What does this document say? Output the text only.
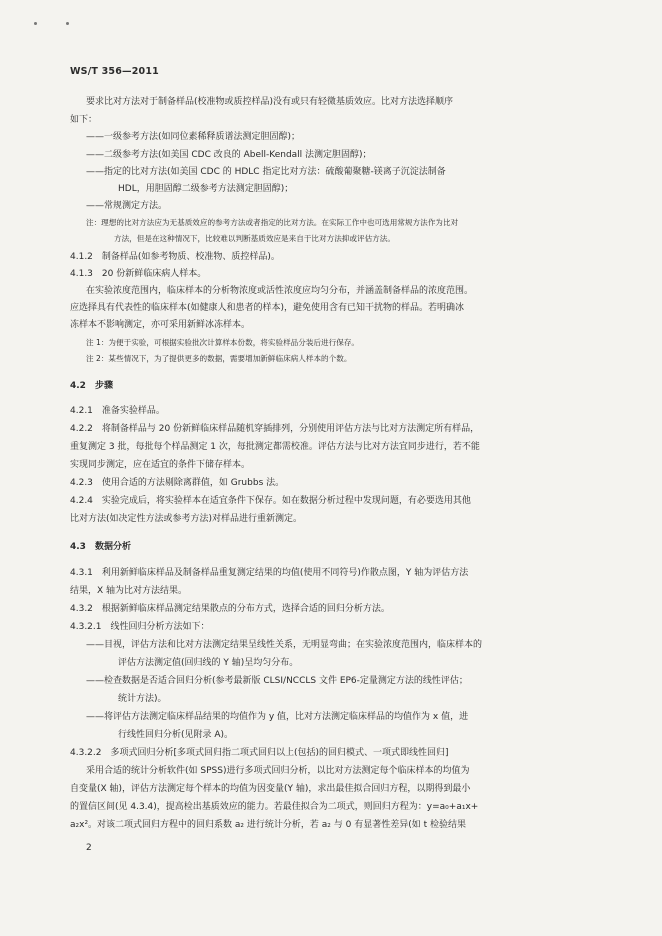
WS/T 356—2011
要求比对方法对于制备样品(校准物或质控样品)没有或只有轻微基质效应。比对方法选择顺序
如下：
——一级参考方法(如同位素稀释质谱法测定胆固醇)；
——二级参考方法(如美国 CDC 改良的 Abell-Kendall 法测定胆固醇)；
——指定的比对方法(如美国 CDC 的 HDLC 指定比对方法：硫酸葡聚糖-镁离子沉淀法制备
HDL，用胆固醇二级参考方法测定胆固醇)；
——常规测定方法。
注：理想的比对方法应为无基质效应的参考方法或者指定的比对方法。在实际工作中也可选用常规方法作为比对
方法，但是在这种情况下，比较难以判断基质效应是来自于比对方法抑或评估方法。
4.1.2　制备样品(如参考物质、校准物、质控样品)。
4.1.3　20 份新鲜临床病人样本。
在实验浓度范围内，临床样本的分析物浓度或活性浓度应均匀分布，并涵盖制备样品的浓度范围。
应选择具有代表性的临床样本(如健康人和患者的样本)，避免使用含有已知干扰物的样品。若明确冰
冻样本不影响测定，亦可采用新鲜冰冻样本。
注 1：为便于实验，可根据实验批次计算样本份数，将实验样品分装后进行保存。
注 2：某些情况下，为了提供更多的数据，需要增加新鲜临床病人样本的个数。
4.2　步骤
4.2.1　准备实验样品。
4.2.2　将制备样品与 20 份新鲜临床样品随机穿插排列，分别使用评估方法与比对方法测定所有样品，
重复测定 3 批，每批每个样品测定 1 次，每批测定都需校准。评估方法与比对方法宜同步进行，若不能
实现同步测定，应在适宜的条件下储存样本。
4.2.3　使用合适的方法剔除离群值，如 Grubbs 法。
4.2.4　实验完成后，将实验样本在适宜条件下保存。如在数据分析过程中发现问题，有必要选用其他
比对方法(如决定性方法或参考方法)对样品进行重新测定。
4.3　数据分析
4.3.1　利用新鲜临床样品及制备样品重复测定结果的均值(使用不同符号)作散点图，Y 轴为评估方法
结果，X 轴为比对方法结果。
4.3.2　根据新鲜临床样品测定结果散点的分布方式，选择合适的回归分析方法。
4.3.2.1　线性回归分析方法如下：
——目视，评估方法和比对方法测定结果呈线性关系，无明显弯曲；在实验浓度范围内，临床样本的
评估方法测定值(回归线的 Y 轴)呈均匀分布。
——检查数据是否适合回归分析(参考最新版 CLSI/NCCLS 文件 EP6-定量测定方法的线性评估；
统计方法)。
——将评估方法测定临床样品结果的均值作为 y 值，比对方法测定临床样品的均值作为 x 值，进
行线性回归分析(见附录 A)。
4.3.2.2　多项式回归分析[多项式回归指二项式回归以上(包括)的回归模式、一项式即线性回归]
采用合适的统计分析软件(如 SPSS)进行多项式回归分析，以比对方法测定每个临床样本的均值为
自变量(X 轴)，评估方法测定每个样本的均值为因变量(Y 轴)，求出最佳拟合回归方程，以期得到最小
的置信区间(见 4.3.4)，提高检出基质效应的能力。若最佳拟合为二项式，则回归方程为：y=a₀+a₁x+
a₂x²。对该二项式回归方程中的回归系数 a₂ 进行统计分析，若 a₂ 与 0 有显著性差异(如 t 检验结果
2
